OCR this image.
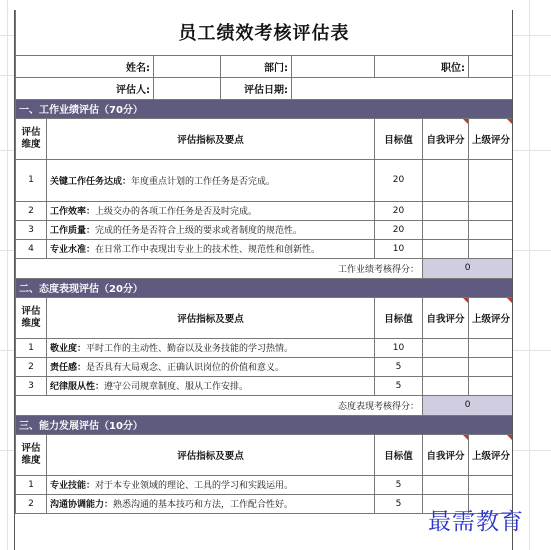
员工绩效考核评估表							
姓名:			部门:		职位:		
评估人:			评估日期:				
一、工作业绩评估（70分）							
评估维度	评估指标及要点				目标值	自我评分	上级评分
1	关键工作任务达成：年度重点计划的工作任务是否完成。				20		
2	工作效率：上级交办的各项工作任务是否及时完成。				20		
3	工作质量：完成的任务是否符合上级的要求或者制度的规范性。				20		
4	专业水准：在日常工作中表现出专业上的技术性、规范性和创新性。				10		
工作业绩考核得分：						0	
二、态度表现评估（20分）							
评估维度	评估指标及要点				目标值	自我评分	上级评分
1	敬业度：平时工作的主动性、勤奋以及业务技能的学习热情。				10		
2	责任感：是否具有大局观念、正确认识岗位的价值和意义。				5		
3	纪律服从性：遵守公司规章制度、服从工作安排。				5		
态度表现考核得分：						0	
三、能力发展评估（10分）							
评估维度	评估指标及要点				目标值	自我评分	上级评分
1	专业技能：对于本专业领域的理论、工具的学习和实践运用。				5		
2	沟通协调能力：熟悉沟通的基本技巧和方法，工作配合性好。				5		
最需教育
